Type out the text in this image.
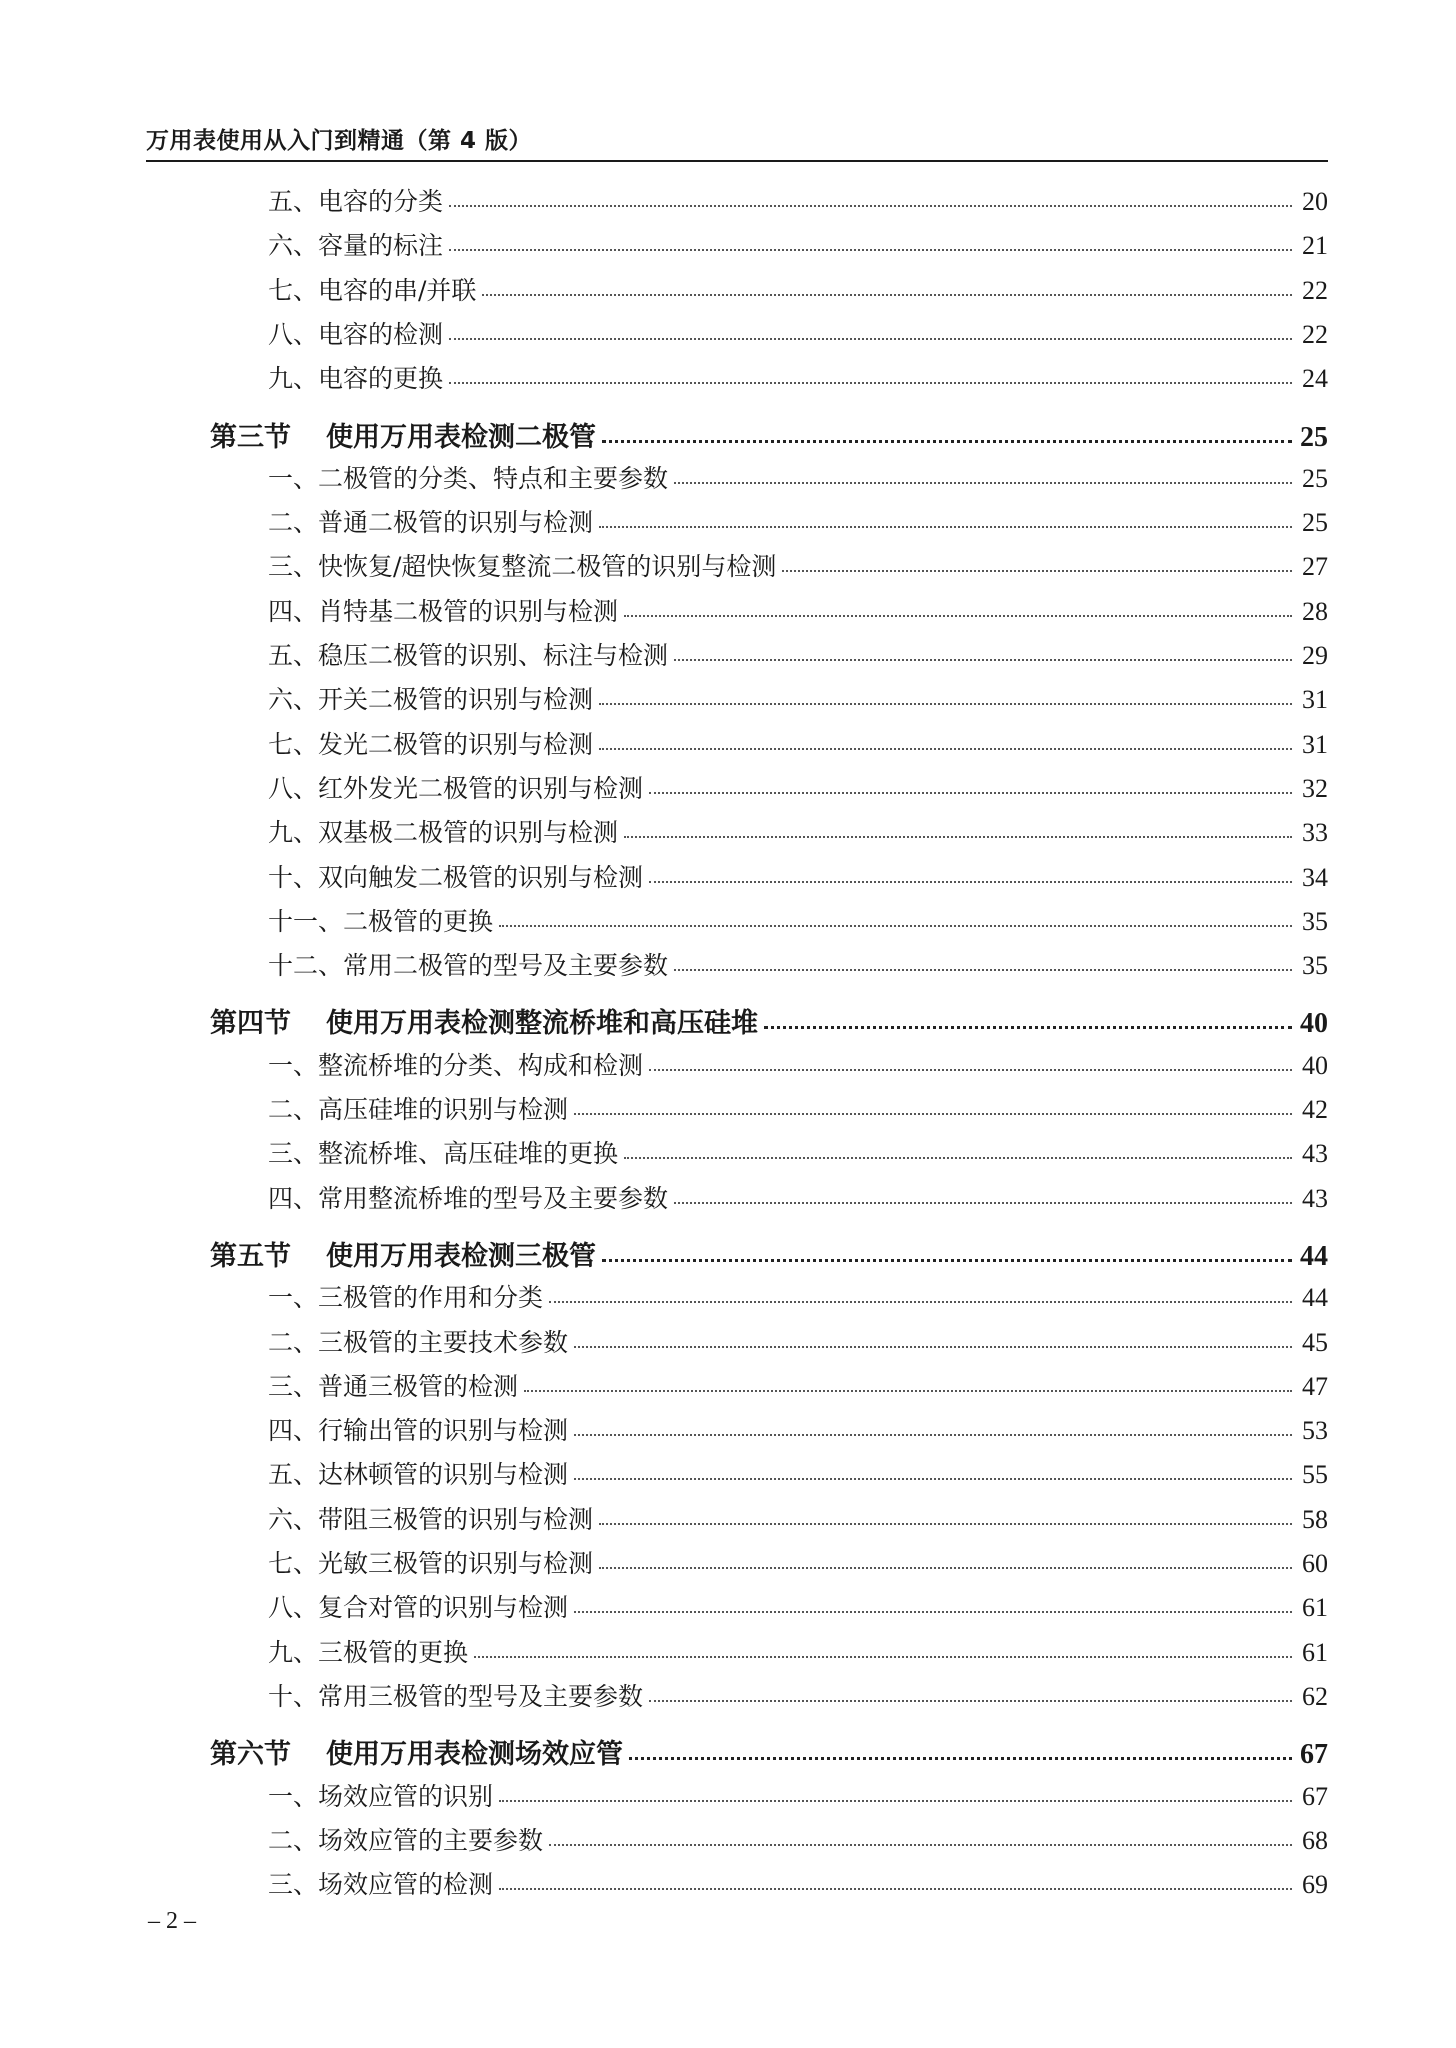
万用表使用从入门到精通（第 4 版）
五、电容的分类	20
六、容量的标注	21
七、电容的串/并联	22
八、电容的检测	22
九、电容的更换	24
第三节 使用万用表检测二极管	25
一、二极管的分类、特点和主要参数	25
二、普通二极管的识别与检测	25
三、快恢复/超快恢复整流二极管的识别与检测	27
四、肖特基二极管的识别与检测	28
五、稳压二极管的识别、标注与检测	29
六、开关二极管的识别与检测	31
七、发光二极管的识别与检测	31
八、红外发光二极管的识别与检测	32
九、双基极二极管的识别与检测	33
十、双向触发二极管的识别与检测	34
十一、二极管的更换	35
十二、常用二极管的型号及主要参数	35
第四节 使用万用表检测整流桥堆和高压硅堆	40
一、整流桥堆的分类、构成和检测	40
二、高压硅堆的识别与检测	42
三、整流桥堆、高压硅堆的更换	43
四、常用整流桥堆的型号及主要参数	43
第五节 使用万用表检测三极管	44
一、三极管的作用和分类	44
二、三极管的主要技术参数	45
三、普通三极管的检测	47
四、行输出管的识别与检测	53
五、达林顿管的识别与检测	55
六、带阻三极管的识别与检测	58
七、光敏三极管的识别与检测	60
八、复合对管的识别与检测	61
九、三极管的更换	61
十、常用三极管的型号及主要参数	62
第六节 使用万用表检测场效应管	67
一、场效应管的识别	67
二、场效应管的主要参数	68
三、场效应管的检测	69
– 2 –
